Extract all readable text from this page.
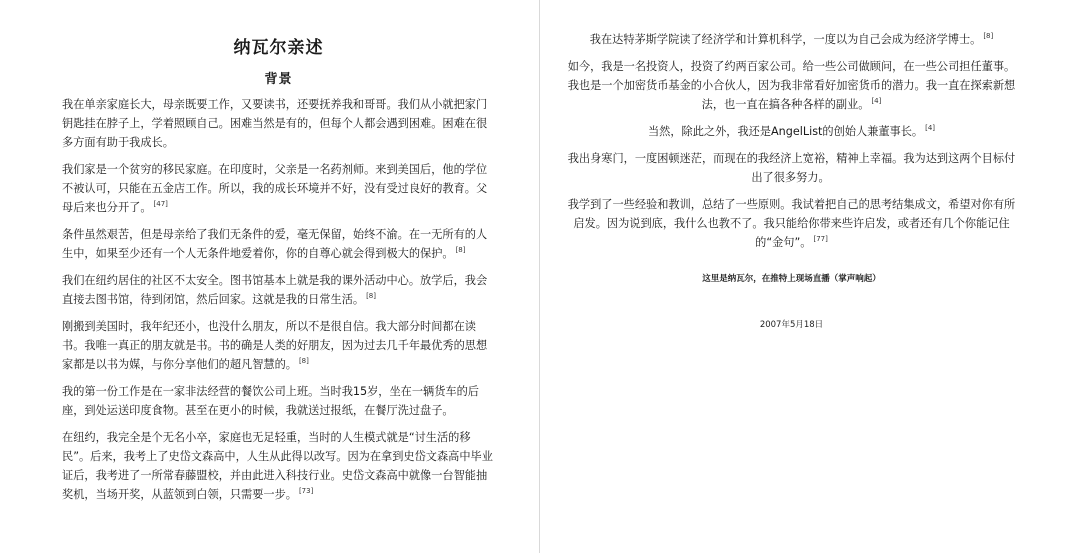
纳瓦尔亲述
背景

我在单亲家庭长大，母亲既要工作，又要读书，还要抚养我和哥哥。我们从小就把家门钥匙挂在脖子上，学着照顾自己。困难当然是有的，但每个人都会遇到困难。困难在很多方面有助于我成长。

我们家是一个贫穷的移民家庭。在印度时，父亲是一名药剂师。来到美国后，他的学位不被认可，只能在五金店工作。所以，我的成长环境并不好，没有受过良好的教育。父母后来也分开了。 [47]

条件虽然艰苦，但是母亲给了我们无条件的爱，毫无保留，始终不渝。在一无所有的人生中，如果至少还有一个人无条件地爱着你，你的自尊心就会得到极大的保护。 [8]

我们在纽约居住的社区不太安全。图书馆基本上就是我的课外活动中心。放学后，我会直接去图书馆，待到闭馆，然后回家。这就是我的日常生活。 [8]

刚搬到美国时，我年纪还小，也没什么朋友，所以不是很自信。我大部分时间都在读书。我唯一真正的朋友就是书。书的确是人类的好朋友，因为过去几千年最优秀的思想家都是以书为媒，与你分享他们的超凡智慧的。 [8]

我的第一份工作是在一家非法经营的餐饮公司上班。当时我15岁，坐在一辆货车的后座，到处运送印度食物。甚至在更小的时候，我就送过报纸，在餐厅洗过盘子。

在纽约，我完全是个无名小卒，家庭也无足轻重，当时的人生模式就是“讨生活的移民”。后来，我考上了史岱文森高中，人生从此得以改写。因为在拿到史岱文森高中毕业证后，我考进了一所常春藤盟校，并由此进入科技行业。史岱文森高中就像一台智能抽奖机，当场开奖，从蓝领到白领，只需要一步。 [73]

我在达特茅斯学院读了经济学和计算机科学，一度以为自己会成为经济学博士。 [8]

如今，我是一名投资人，投资了约两百家公司。给一些公司做顾问，在一些公司担任董事。我也是一个加密货币基金的小合伙人，因为我非常看好加密货币的潜力。我一直在探索新想法，也一直在搞各种各样的副业。 [4]

当然，除此之外，我还是AngelList的创始人兼董事长。 [4]

我出身寒门，一度困顿迷茫，而现在的我经济上宽裕，精神上幸福。我为达到这两个目标付出了很多努力。

我学到了一些经验和教训，总结了一些原则。我试着把自己的思考结集成文，希望对你有所启发。因为说到底，我什么也教不了。我只能给你带来些许启发，或者还有几个你能记住的“金句”。 [77]

这里是纳瓦尔，在推特上现场直播（掌声响起）
2007年5月18日
